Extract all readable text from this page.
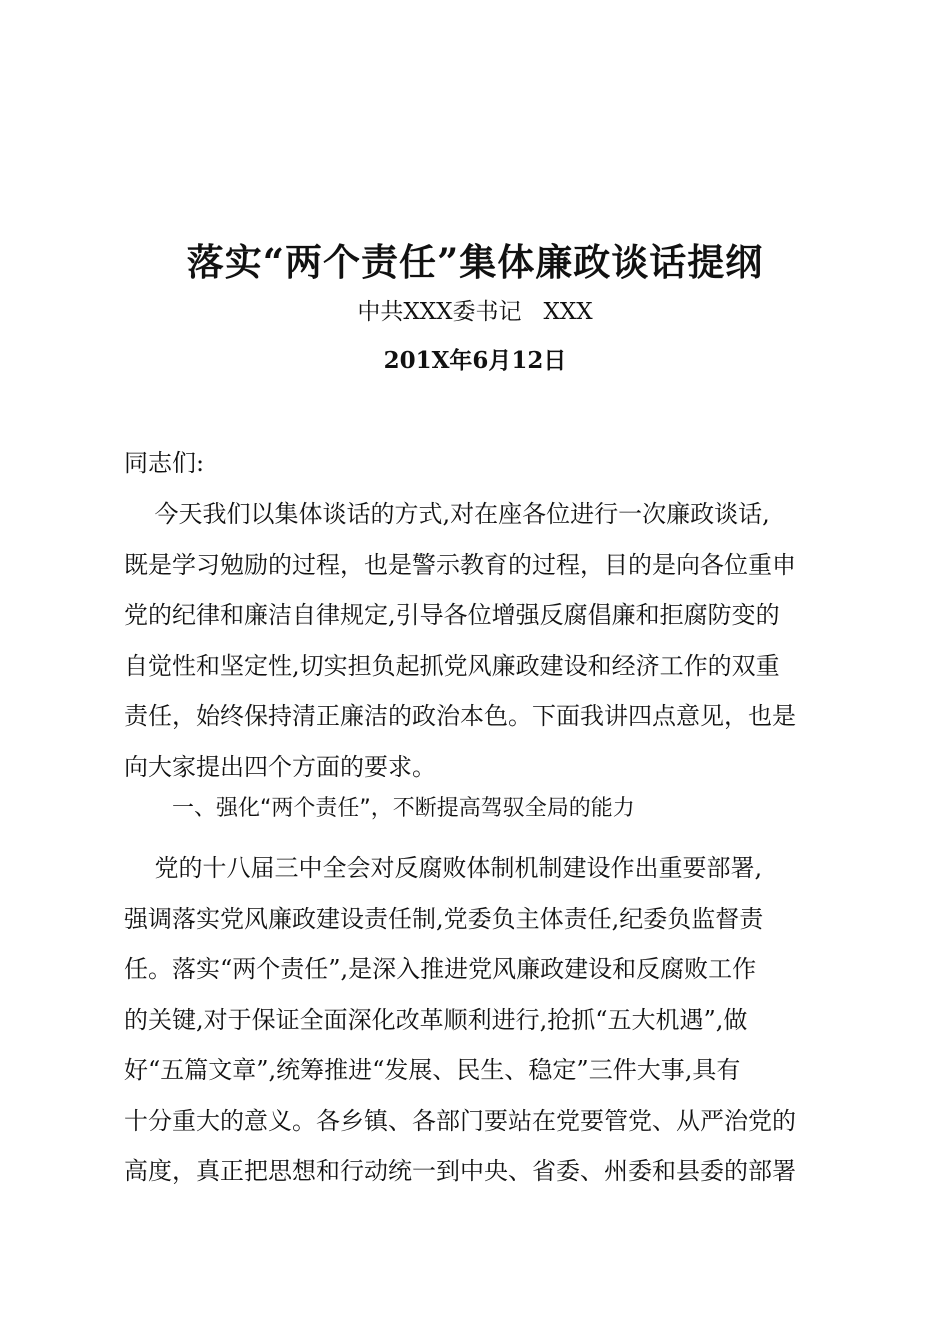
落实“两个责任”集体廉政谈话提纲
中共XXX委书记   XXX
201X年6月12日
同志们:
今天我们以集体谈话的方式,对在座各位进行一次廉政谈话,
既是学习勉励的过程，也是警示教育的过程，目的是向各位重申
党的纪律和廉洁自律规定,引导各位增强反腐倡廉和拒腐防变的
自觉性和坚定性,切实担负起抓党风廉政建设和经济工作的双重
责任，始终保持清正廉洁的政治本色。下面我讲四点意见，也是
向大家提出四个方面的要求。
一、强化“两个责任”，不断提高驾驭全局的能力
党的十八届三中全会对反腐败体制机制建设作出重要部署,
强调落实党风廉政建设责任制,党委负主体责任,纪委负监督责
任。落实“两个责任”,是深入推进党风廉政建设和反腐败工作
的关键,对于保证全面深化改革顺利进行,抢抓“五大机遇”,做
好“五篇文章”,统筹推进“发展、民生、稳定”三件大事,具有
十分重大的意义。各乡镇、各部门要站在党要管党、从严治党的
高度，真正把思想和行动统一到中央、省委、州委和县委的部署
